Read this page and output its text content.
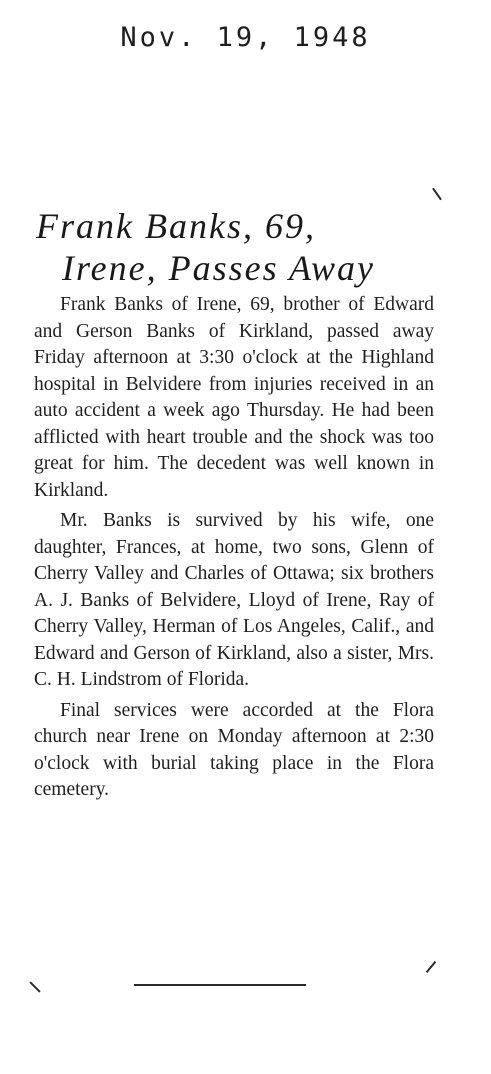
Nov. 19, 1948
Frank Banks, 69,
Irene, Passes Away

Frank Banks of Irene, 69, brother of Edward and Gerson Banks of Kirkland, passed away Friday afternoon at 3:30 o'clock at the Highland hospital in Belvidere from injuries received in an auto accident a week ago Thursday. He had been afflicted with heart trouble and the shock was too great for him. The decedent was well known in Kirkland.

Mr. Banks is survived by his wife, one daughter, Frances, at home, two sons, Glenn of Cherry Valley and Charles of Ottawa; six brothers A. J. Banks of Belvidere, Lloyd of Irene, Ray of Cherry Valley, Herman of Los Angeles, Calif., and Edward and Gerson of Kirkland, also a sister, Mrs. C. H. Lindstrom of Florida.

Final services were accorded at the Flora church near Irene on Monday afternoon at 2:30 o'clock with burial taking place in the Flora cemetery.
